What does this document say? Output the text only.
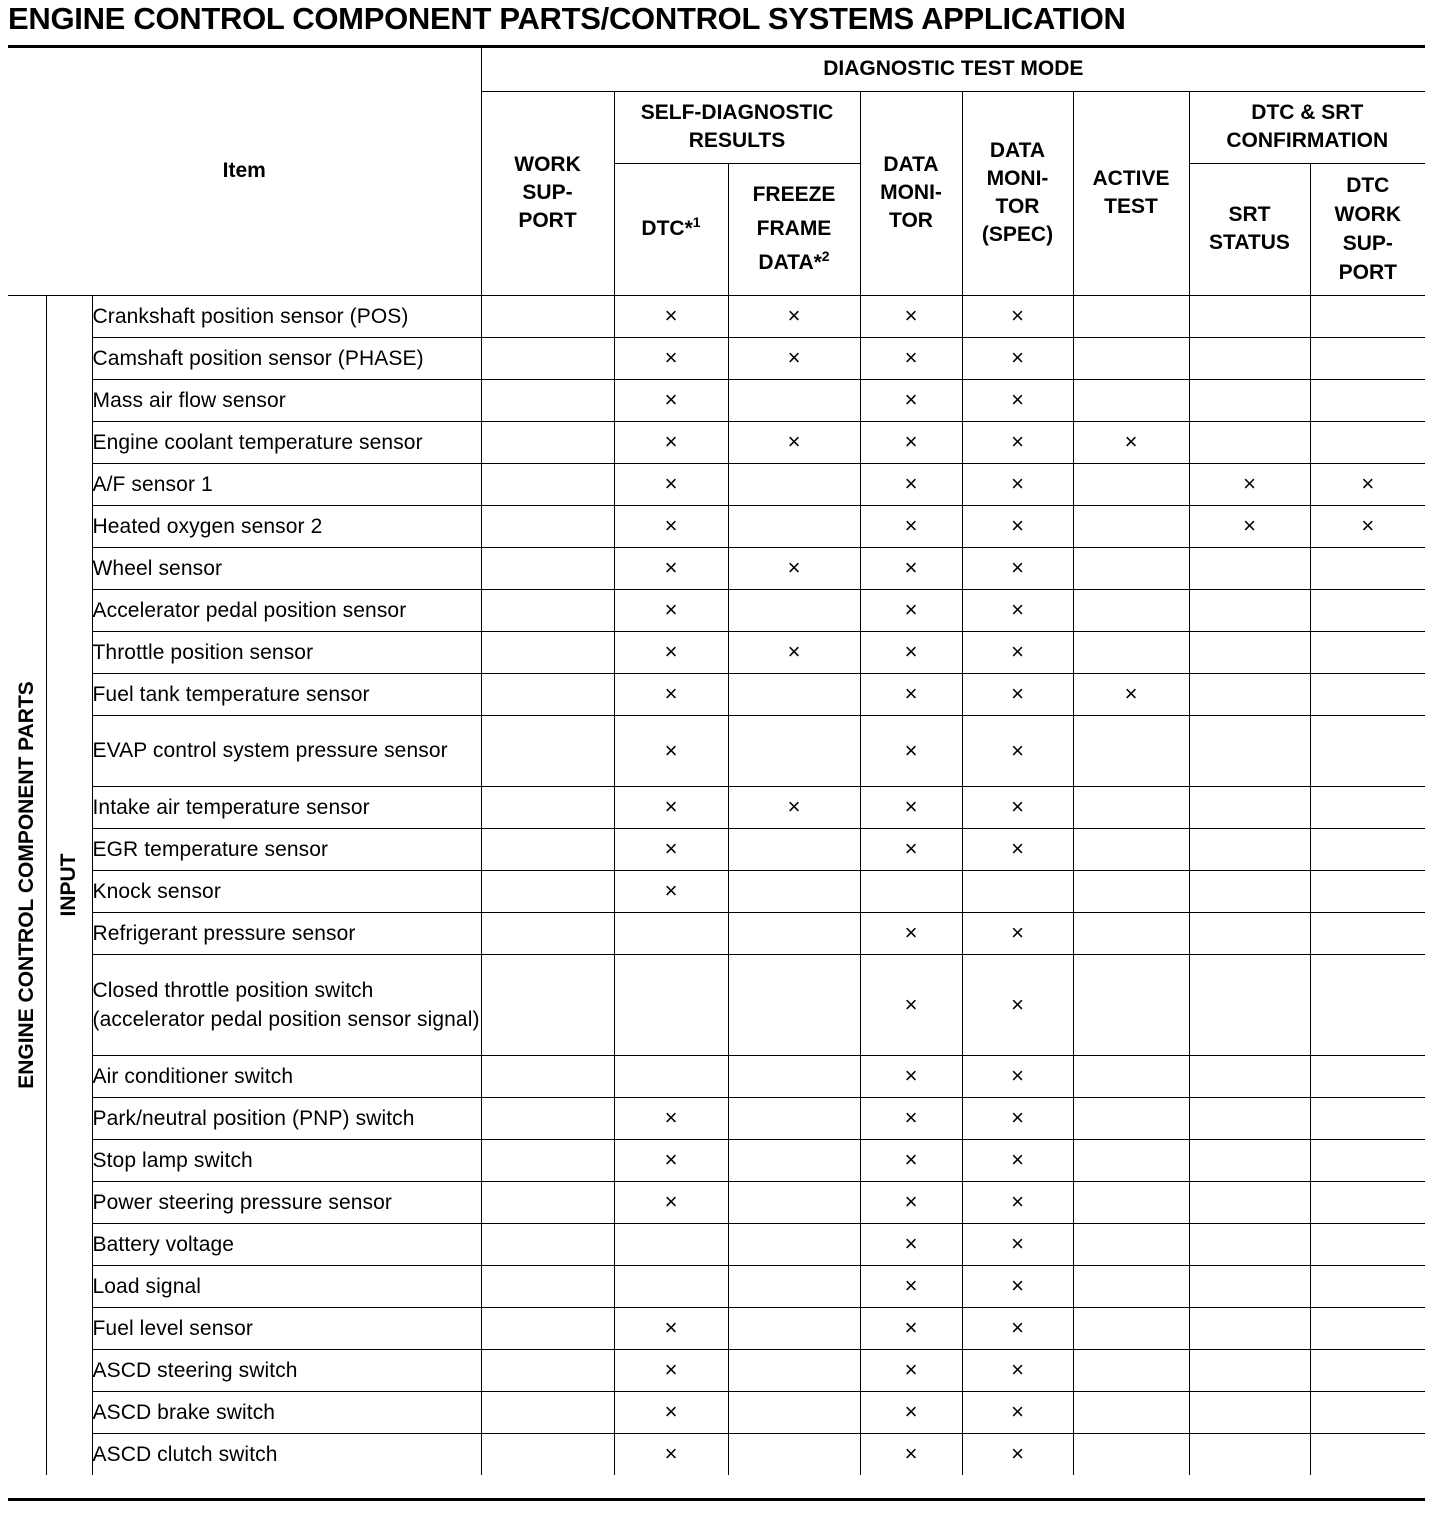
ENGINE CONTROL COMPONENT PARTS/CONTROL SYSTEMS APPLICATION
Item			DIAGNOSTIC TEST MODE							
			WORK SUP- PORT	SELF-DIAGNOSTIC RESULTS		DATA MONI- TOR	DATA MONI- TOR (SPEC)	ACTIVE TEST	DTC & SRT CONFIRMATION	
				DTC*$^1$	FREEZE FRAME DATA*$^2$				SRT STATUS	DTC WORK SUP- PORT

ENGINE CONTROL COMPONENT PARTS	INPUT	Crankshaft position sensor (POS)		×	×	×	×			
		Camshaft position sensor (PHASE)		×	×	×	×			
		Mass air flow sensor		×		×	×			
		Engine coolant temperature sensor		×	×	×	×	×		
		A/F sensor 1		×		×	×		×	×
		Heated oxygen sensor 2		×		×	×		×	×
		Wheel sensor		×	×	×	×			
		Accelerator pedal position sensor		×		×	×			
		Throttle position sensor		×	×	×	×			
		Fuel tank temperature sensor		×		×	×	×		
		EVAP control system pressure sensor		×		×	×			
		Intake air temperature sensor		×	×	×	×			
		EGR temperature sensor		×		×	×			
		Knock sensor		×						
		Refrigerant pressure sensor				×	×			
		Closed throttle position switch (accelerator pedal position sensor signal)				×	×			
		Air conditioner switch				×	×			
		Park/neutral position (PNP) switch		×		×	×			
		Stop lamp switch		×		×	×			
		Power steering pressure sensor		×		×	×			
		Battery voltage				×	×			
		Load signal				×	×			
		Fuel level sensor		×		×	×			
		ASCD steering switch		×		×	×			
		ASCD brake switch		×		×	×			
		ASCD clutch switch		×		×	×			
